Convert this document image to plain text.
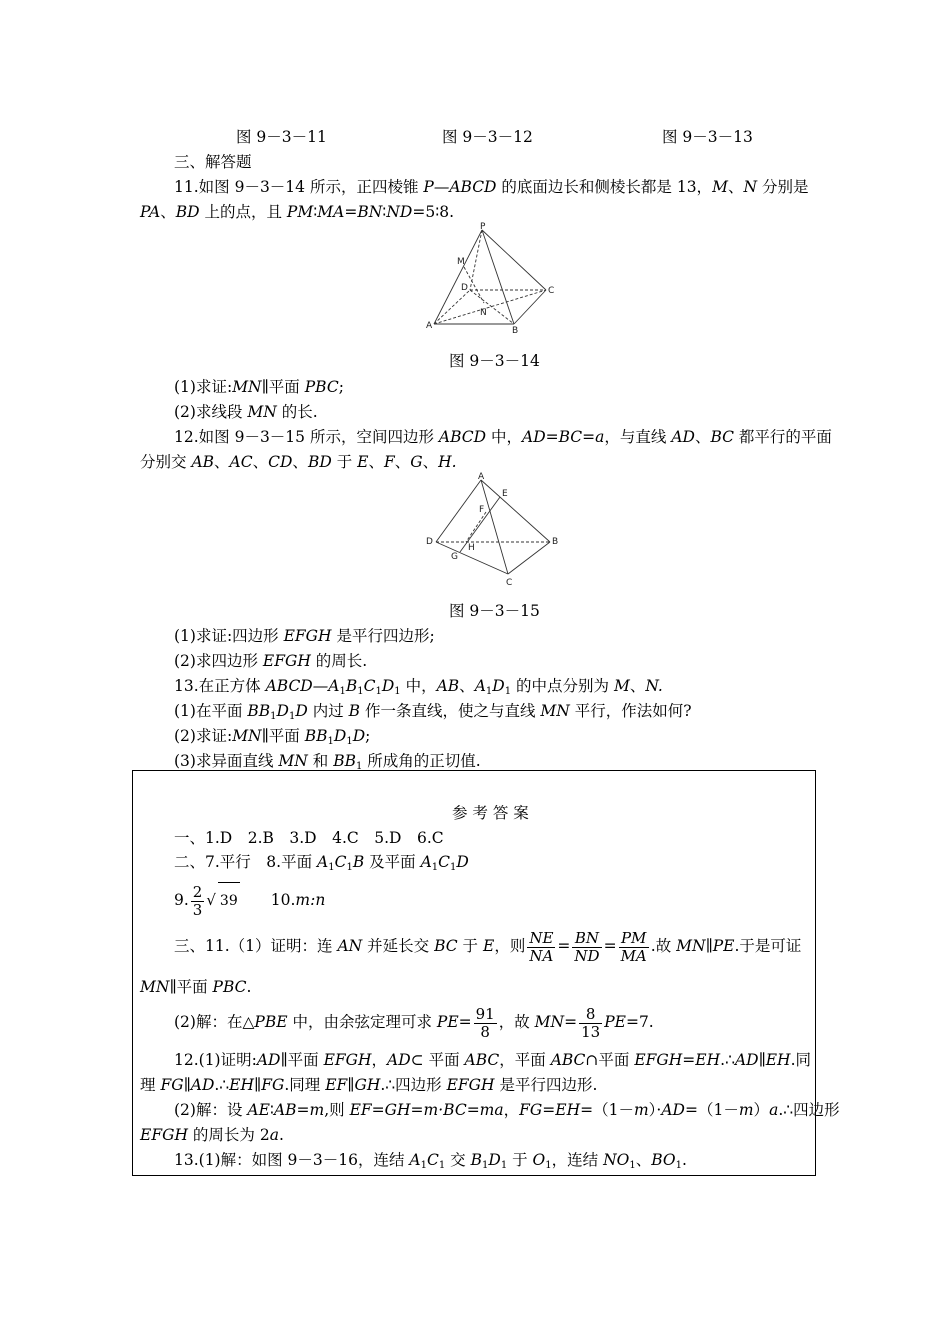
图 9－3－11	图 9－3－12	图 9－3－13
三、解答题
11.如图 9－3－14 所示，正四棱锥 P—ABCD 的底面边长和侧棱长都是 13，M、N 分别是
PA、BD 上的点，且 PM∶MA=BN∶ND=5∶8.
P
M
D	C
A
N
B
图 9－3－14
(1)求证:MN∥平面 PBC;
(2)求线段 MN 的长.
12.如图 9－3－15 所示，空间四边形 ABCD 中，AD=BC=a，与直线 AD、BC 都平行的平面
分别交 AB、AC、CD、BD 于 E、F、G、H.
A
E
F
D
H
B
G
C
图 9－3－15
(1)求证:四边形 EFGH 是平行四边形;
(2)求四边形 EFGH 的周长.
13.在正方体 $ABCD—A_1B_1C_1D_1$ 中，AB、$A_1D_1$ 的中点分别为 M、N.
(1)在平面 $BB_1D_1D$ 内过 B 作一条直线，使之与直线 MN 平行，作法如何?
(2)求证:MN∥平面 $BB_1D_1D$;
(3)求异面直线 MN 和 $BB_1$ 所成角的正切值.
参 考 答 案
一、1.D　2.B　3.D　4.C　5.D　6.C
二、7.平行　8.平面 $A_1C_1B$ 及平面 $A_1C_1D$
9. $\frac{2}{3}$ √ 39　　 10.m:n
三、11.（1）证明：连 AN 并延长交 BC 于 E，则 $\frac{NE}{NA} = \frac{BN}{ND} = \frac{PM}{MA}$ .故 MN∥PE.于是可证
MN∥平面 PBC.
(2)解：在△PBE 中，由余弦定理可求 $PE= \frac{91}{8}$ ，故 $MN= \frac{8}{13} PE=7$.
12.(1)证明:AD∥平面 EFGH，AD⊂ 平面 ABC，平面 ABC∩平面 EFGH=EH.∴AD∥EH.同
理 FG∥AD.∴EH∥FG.同理 EF∥GH.∴四边形 EFGH 是平行四边形.
(2)解：设 AE∶AB=m,则 EF=GH=m·BC=ma，FG=EH=（1－m）·AD=（1－m）a.∴四边形
EFGH 的周长为 2a.
13.(1)解：如图 9－3－16，连结 $A_1C_1$ 交 $B_1D_1$ 于 $O_1$，连结 $NO_1$、$BO_1$.
